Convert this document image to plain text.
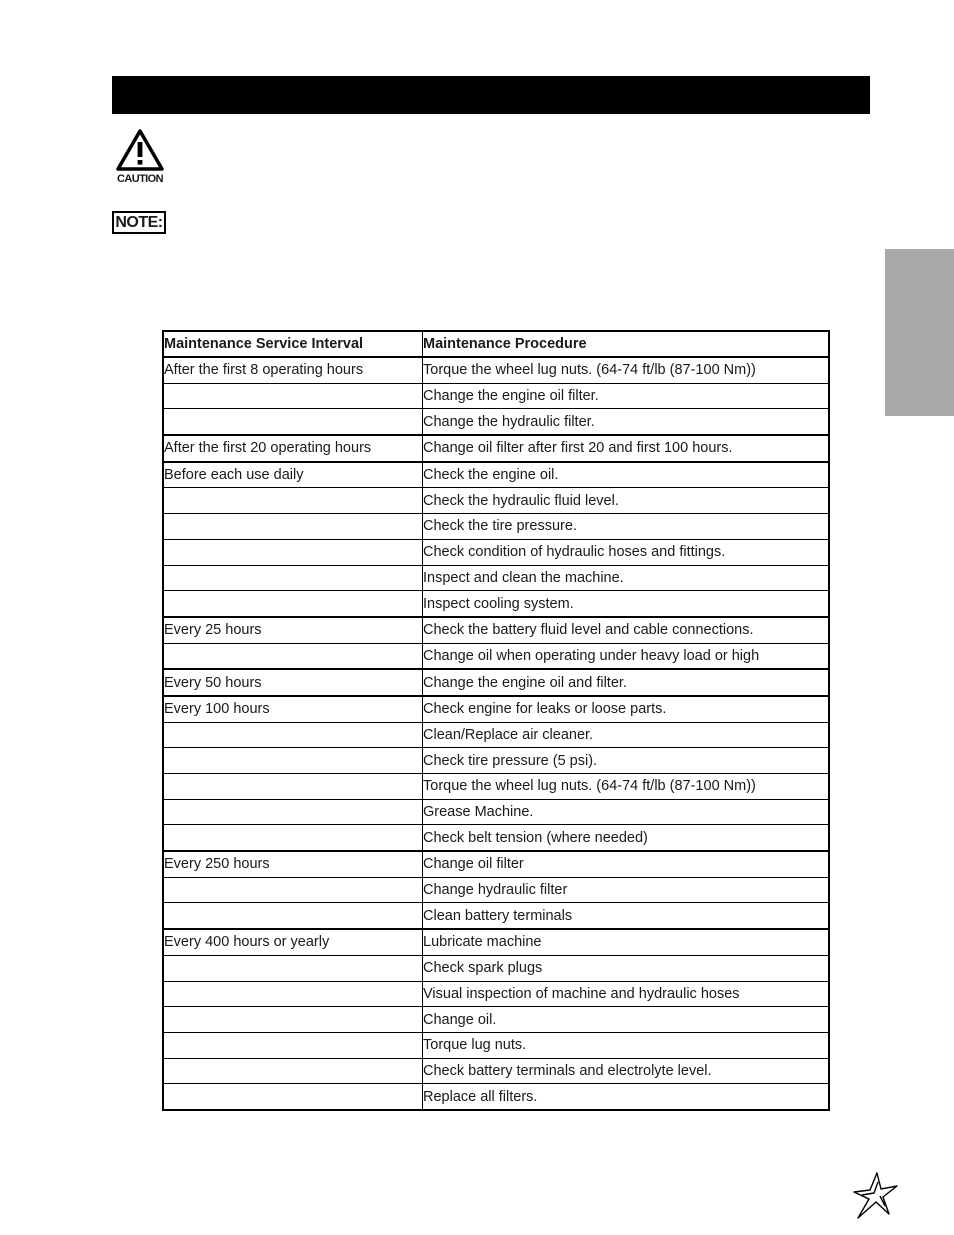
CAUTION
NOTE:
Maintenance Service Interval	Maintenance Procedure
After the first 8 operating hours	Torque the wheel lug nuts. (64-74 ft/lb (87-100 Nm))
	Change the engine oil filter.
	Change the hydraulic filter.
After the first 20 operating hours	Change oil filter after first 20 and first 100 hours.
Before each use daily	Check the engine oil.
	Check the hydraulic fluid level.
	Check the tire pressure.
	Check condition of hydraulic hoses and fittings.
	Inspect and clean the machine.
	Inspect cooling system.
Every 25 hours	Check the battery fluid level and cable connections.
	Change oil when operating under heavy load or high
Every 50 hours	Change the engine oil and filter.
Every 100 hours	Check engine for leaks or loose parts.
	Clean/Replace air cleaner.
	Check tire pressure (5 psi).
	Torque the wheel lug nuts. (64-74 ft/lb (87-100 Nm))
	Grease Machine.
	Check belt tension (where needed)
Every 250 hours	Change oil filter
	Change hydraulic filter
	Clean battery terminals
Every 400 hours or yearly	Lubricate machine
	Check spark plugs
	Visual inspection of machine and hydraulic hoses
	Change oil.
	Torque lug nuts.
	Check battery terminals and electrolyte level.
	Replace all filters.
